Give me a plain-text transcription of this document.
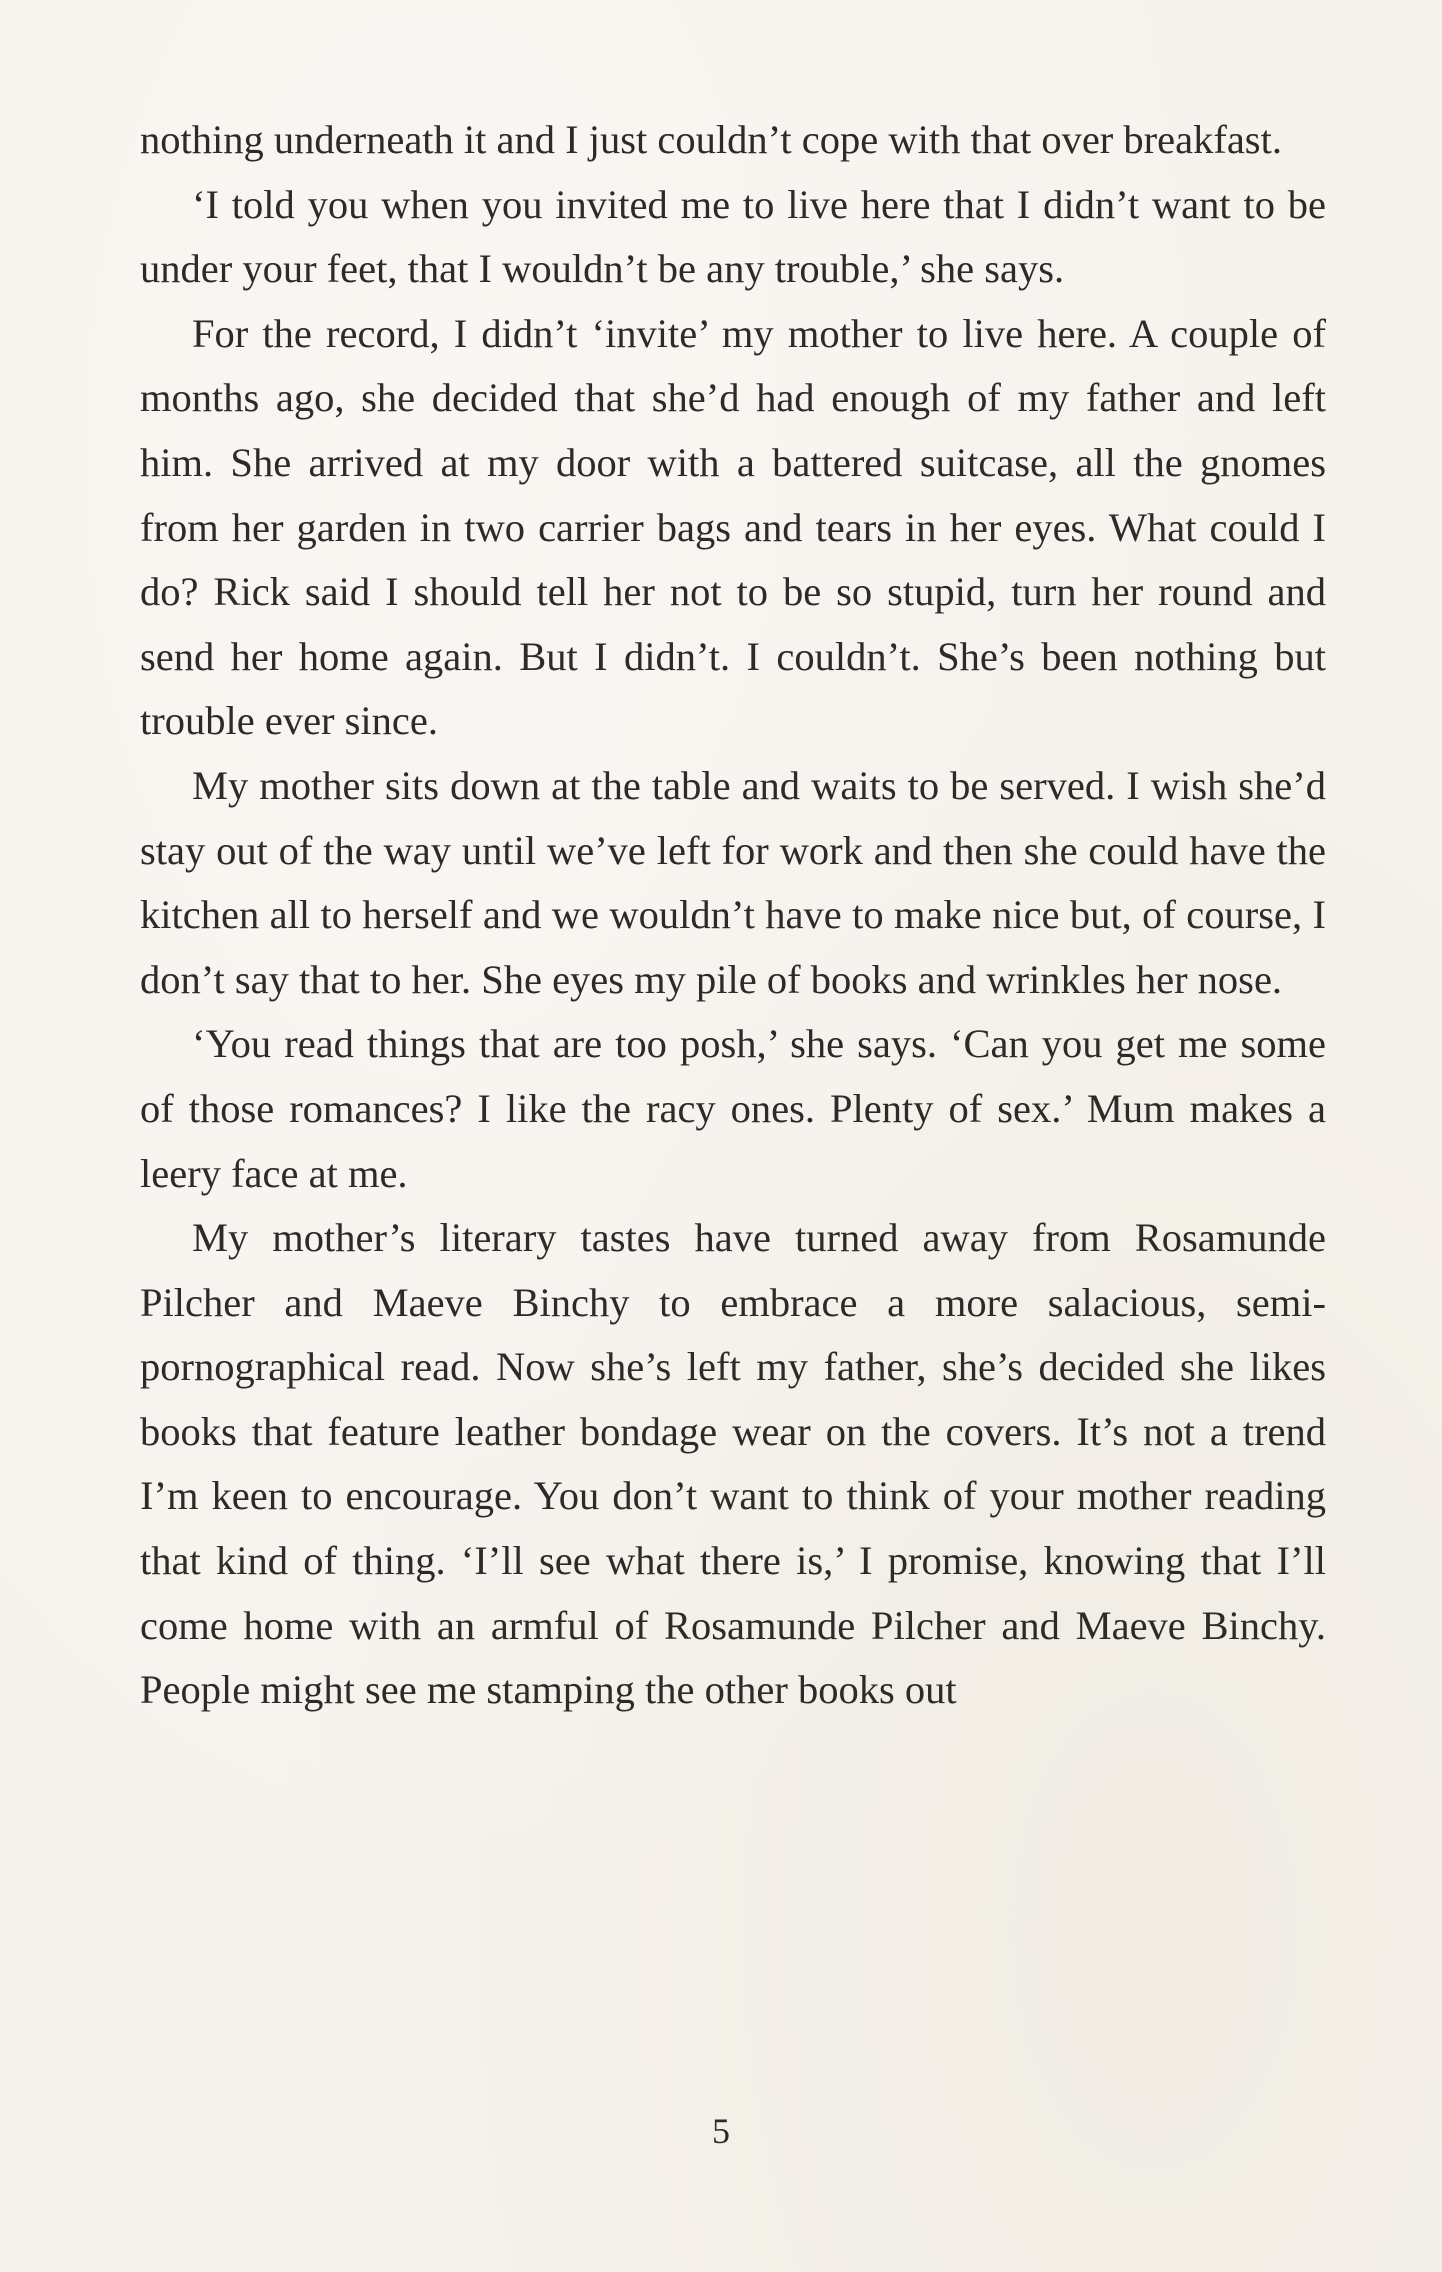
nothing underneath it and I just couldn’t cope with that over breakfast.

‘I told you when you invited me to live here that I didn’t want to be under your feet, that I wouldn’t be any trouble,’ she says.

For the record, I didn’t ‘invite’ my mother to live here. A couple of months ago, she decided that she’d had enough of my father and left him. She arrived at my door with a battered suitcase, all the gnomes from her garden in two carrier bags and tears in her eyes. What could I do? Rick said I should tell her not to be so stupid, turn her round and send her home again. But I didn’t. I couldn’t. She’s been nothing but trouble ever since.

My mother sits down at the table and waits to be served. I wish she’d stay out of the way until we’ve left for work and then she could have the kitchen all to herself and we wouldn’t have to make nice but, of course, I don’t say that to her. She eyes my pile of books and wrinkles her nose.

‘You read things that are too posh,’ she says. ‘Can you get me some of those romances? I like the racy ones. Plenty of sex.’ Mum makes a leery face at me.

My mother’s literary tastes have turned away from Rosamunde Pilcher and Maeve Binchy to embrace a more salacious, semi-pornographical read. Now she’s left my father, she’s decided she likes books that feature leather bondage wear on the covers. It’s not a trend I’m keen to encourage. You don’t want to think of your mother reading that kind of thing. ‘I’ll see what there is,’ I promise, knowing that I’ll come home with an armful of Rosamunde Pilcher and Maeve Binchy. People might see me stamping the other books out

5
